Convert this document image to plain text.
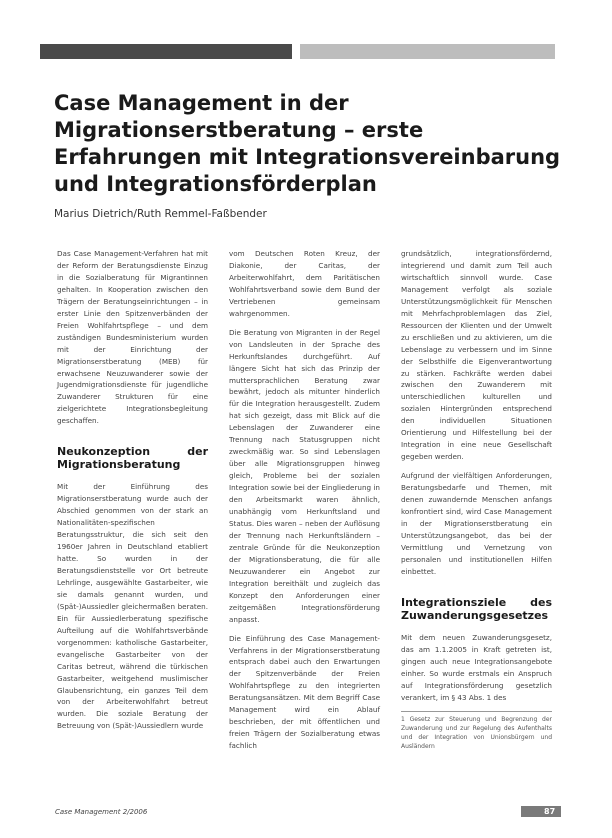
Case Management in der Migrationserstberatung – erste Erfahrungen mit Integrationsvereinbarung und Integrationsförderplan
Marius Dietrich/Ruth Remmel-Faßbender

Das Case Management-Verfahren hat mit der Reform der Beratungsdienste Einzug in die Sozialberatung für Migrantinnen gehalten. In Kooperation zwischen den Trägern der Beratungseinrichtungen – in erster Linie den Spitzenverbänden der Freien Wohlfahrtspflege – und dem zuständigen Bundesministerium wurden mit der Einrichtung der Migrationserstberatung (MEB) für erwachsene Neuzuwanderer sowie der Jugendmigrationsdienste für jugendliche Zuwanderer Strukturen für eine zielgerichtete Integrationsbegleitung geschaffen.

Neukonzeption der Migrationsberatung

Mit der Einführung des Migrationserstberatung wurde auch der Abschied genommen von der stark an Nationalitäten-spezifischen Beratungsstruktur, die sich seit den 1960er Jahren in Deutschland etabliert hatte. So wurden in der Beratungsdienststelle vor Ort betreute Lehrlinge, ausgewählte Gastarbeiter, wie sie damals genannt wurden, und (Spät-)Aussiedler gleichermaßen beraten. Ein für Aussiedlerberatung spezifische Aufteilung auf die Wohlfahrtsverbände vorgenommen: katholische Gastarbeiter, evangelische Gastarbeiter von der Caritas betreut, während die türkischen Gastarbeiter, weitgehend muslimischer Glaubensrichtung, ein ganzes Teil dem von der Arbeiterwohlfahrt betreut wurden. Die soziale Beratung der Betreuung von (Spät-)Aussiedlern wurde

vom Deutschen Roten Kreuz, der Diakonie, der Caritas, der Arbeiterwohlfahrt, dem Paritätischen Wohlfahrtsverband sowie dem Bund der Vertriebenen gemeinsam wahrgenommen.

Die Beratung von Migranten in der Regel von Landsleuten in der Sprache des Herkunftslandes durchgeführt. Auf längere Sicht hat sich das Prinzip der muttersprachlichen Beratung zwar bewährt, jedoch als mitunter hinderlich für die Integration herausgestellt. Zudem hat sich gezeigt, dass mit Blick auf die Lebenslagen der Zuwanderer eine Trennung nach Statusgruppen nicht zweckmäßig war. So sind Lebenslagen über alle Migrationsgruppen hinweg gleich, Probleme bei der sozialen Integration sowie bei der Eingliederung in den Arbeitsmarkt waren ähnlich, unabhängig vom Herkunftsland und Status. Dies waren – neben der Auflösung der Trennung nach Herkunftsländern – zentrale Gründe für die Neukonzeption der Migrationsberatung, die für alle Neuzuwanderer ein Angebot zur Integration bereithält und zugleich das Konzept den Anforderungen einer zeitgemäßen Integrationsförderung anpasst.

Die Einführung des Case Management-Verfahrens in der Migrationserstberatung entsprach dabei auch den Erwartungen der Spitzenverbände der Freien Wohlfahrtspflege zu den integrierten Beratungsansätzen. Mit dem Begriff Case Management wird ein Ablauf beschrieben, der mit öffentlichen und freien Trägern der Sozialberatung etwas fachlich

grundsätzlich, integrationsfördernd, integrierend und damit zum Teil auch wirtschaftlich sinnvoll wurde. Case Management verfolgt als soziale Unterstützungsmöglichkeit für Menschen mit Mehrfachproblemlagen das Ziel, Ressourcen der Klienten und der Umwelt zu erschließen und zu aktivieren, um die Lebenslage zu verbessern und im Sinne der Selbsthilfe die Eigenverantwortung zu stärken. Fachkräfte werden dabei zwischen den Zuwanderern mit unterschiedlichen kulturellen und sozialen Hintergründen entsprechend den individuellen Situationen Orientierung und Hilfestellung bei der Integration in eine neue Gesellschaft gegeben werden.

Aufgrund der vielfältigen Anforderungen, Beratungsbedarfe und Themen, mit denen zuwandernde Menschen anfangs konfrontiert sind, wird Case Management in der Migrationserstberatung ein Unterstützungsangebot, das bei der Vermittlung und Vernetzung von personalen und institutionellen Hilfen einbettet.

Integrationsziele des Zuwanderungsgesetzes

Mit dem neuen Zuwanderungsgesetz, das am 1.1.2005 in Kraft getreten ist, gingen auch neue Integrationsangebote einher. So wurde erstmals ein Anspruch auf Integrationsförderung gesetzlich verankert, im § 43 Abs. 1 des

1 Gesetz zur Steuerung und Begrenzung der Zuwanderung und zur Regelung des Aufenthalts und der Integration von Unionsbürgern und Ausländern
Case Management 2/2006	87
